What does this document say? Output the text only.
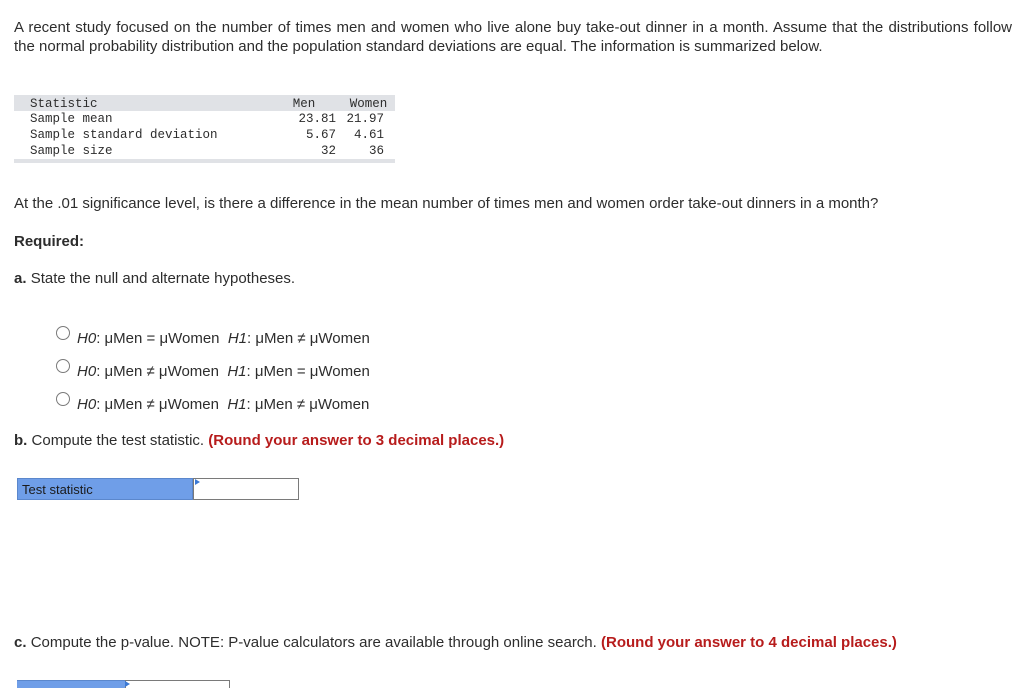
A recent study focused on the number of times men and women who live alone buy take-out dinner in a month. Assume that the distributions follow the normal probability distribution and the population standard deviations are equal. The information is summarized below.

Statistic	Men	Women
Sample mean	23.81	21.97
Sample standard deviation	5.67	4.61
Sample size	32	36

At the .01 significance level, is there a difference in the mean number of times men and women order take-out dinners in a month?

Required:

a. State the null and alternate hypotheses.

H0: μMen = μWomen H1: μMen ≠ μWomen
H0: μMen ≠ μWomen H1: μMen = μWomen
H0: μMen ≠ μWomen H1: μMen ≠ μWomen

b. Compute the test statistic. (Round your answer to 3 decimal places.)

Test statistic

c. Compute the p-value. NOTE: P-value calculators are available through online search. (Round your answer to 4 decimal places.)
